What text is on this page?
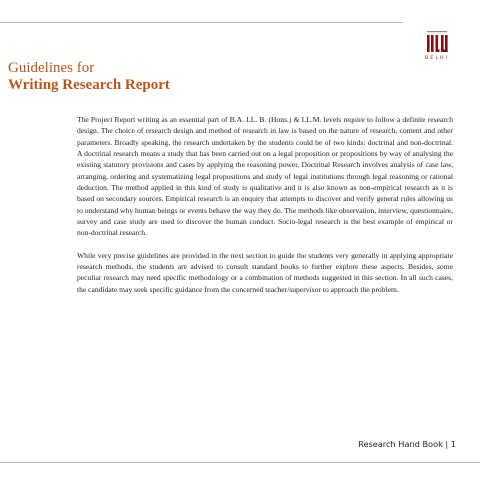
DELHI
Guidelines for
Writing Research Report

The Project Report writing as an essential part of B.A. LL. B. (Hons.) & LL.M. levels require to follow a definite research design. The choice of research design and method of research in law is based on the nature of research, content and other parameters. Broadly speaking, the research undertaken by the students could be of two kinds: doctrinal and non-doctrinal. A doctrinal research means a study that has been carried out on a legal proposition or propositions by way of analysing the existing statutory provisions and cases by applying the reasoning power. Doctrinal Research involves analysis of case law, arranging, ordering and systematizing legal propositions and study of legal institutions through legal reasoning or rational deduction. The method applied in this kind of study is qualitative and it is also known as non-empirical research as it is based on secondary sources. Empirical research is an enquiry that attempts to discover and verify general rules allowing us to understand why human beings or events behave the way they do. The methods like observation, interview, questionnaire, survey and case study are used to discover the human conduct. Socio-legal research is the best example of empirical or non-doctrinal research.

While very precise guidelines are provided in the next section to guide the students very generally in applying appropriate research methods, the students are advised to consult standard books to further explore these aspects. Besides, some peculiar research may need specific methodology or a combination of methods suggested in this section. In all such cases, the candidate may seek specific guidance from the concerned teacher/supervisor to approach the problem.

Research Hand Book | 1
